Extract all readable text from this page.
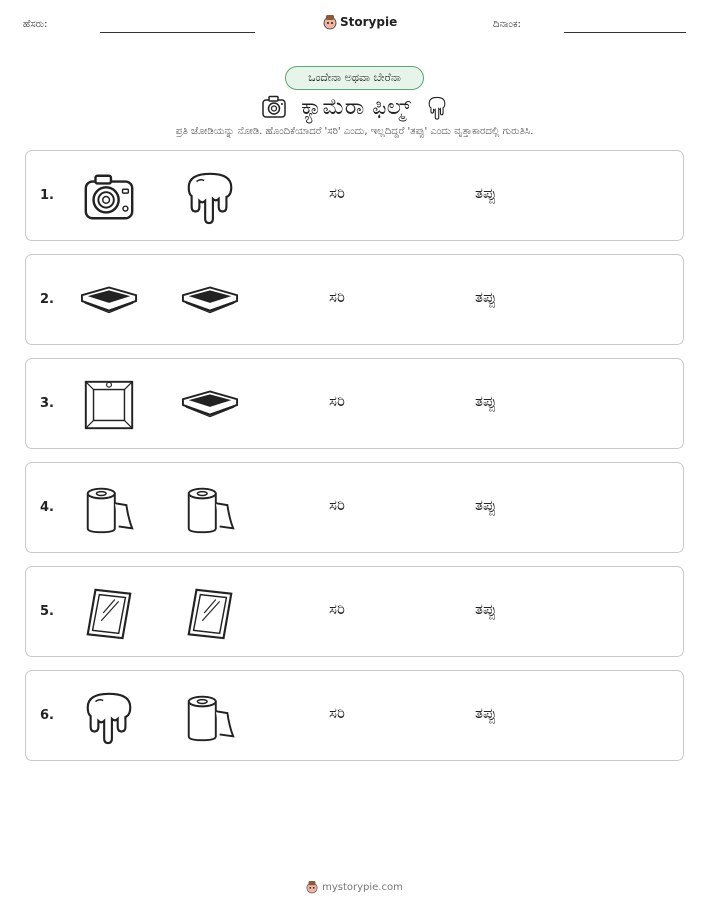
ಹೆಸರು:	Storypie	ದಿನಾಂಕ:
ಒಂದೇನಾ ಅಥವಾ ಬೇರೆನಾ
ಕ್ಯಾಮೆರಾ ಫಿಲ್ಮ್
ಪ್ರತಿ ಜೋಡಿಯನ್ನು ನೋಡಿ. ಹೊಂದಿಕೆಯಾದರೆ 'ಸರಿ' ಎಂದು, ಇಲ್ಲದಿದ್ದರೆ 'ತಪ್ಪು' ಎಂದು ವೃತ್ತಾಕಾರದಲ್ಲಿ ಗುರುತಿಸಿ.
1.	ಸರಿ	ತಪ್ಪು
2.	ಸರಿ	ತಪ್ಪು
3.	ಸರಿ	ತಪ್ಪು
4.	ಸರಿ	ತಪ್ಪು
5.	ಸರಿ	ತಪ್ಪು
6.	ಸರಿ	ತಪ್ಪು
mystorypie.com
